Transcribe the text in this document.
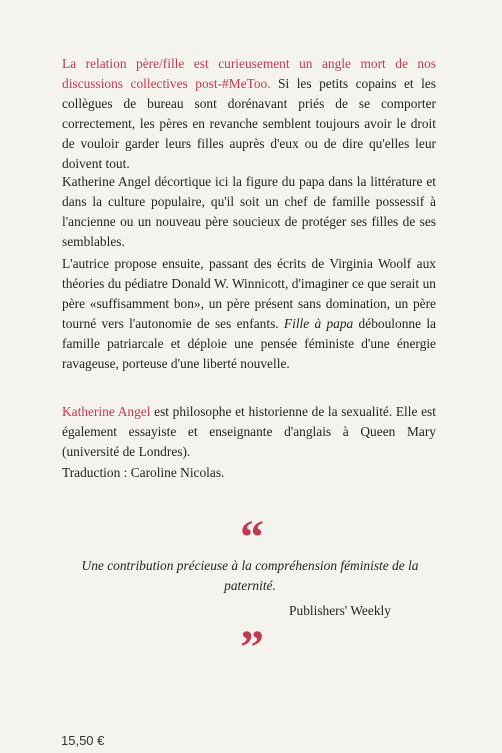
La relation père/fille est curieusement un angle mort de nos discussions collectives post-#MeToo. Si les petits copains et les collègues de bureau sont dorénavant priés de se comporter correctement, les pères en revanche semblent toujours avoir le droit de vouloir garder leurs filles auprès d'eux ou de dire qu'elles leur doivent tout.

Katherine Angel décortique ici la figure du papa dans la littérature et dans la culture populaire, qu'il soit un chef de famille possessif à l'ancienne ou un nouveau père soucieux de protéger ses filles de ses semblables.

L'autrice propose ensuite, passant des écrits de Virginia Woolf aux théories du pédiatre Donald W. Winnicott, d'imaginer ce que serait un père «suffisamment bon», un père présent sans domination, un père tourné vers l'autonomie de ses enfants. Fille à papa déboulonne la famille patriarcale et déploie une pensée féministe d'une énergie ravageuse, porteuse d'une liberté nouvelle.

Katherine Angel est philosophe et historienne de la sexualité. Elle est également essayiste et enseignante d'anglais à Queen Mary (université de Londres).

Traduction : Caroline Nicolas.

“

Une contribution précieuse à la compréhension féministe de la paternité.

Publishers' Weekly

”
15,50 €
